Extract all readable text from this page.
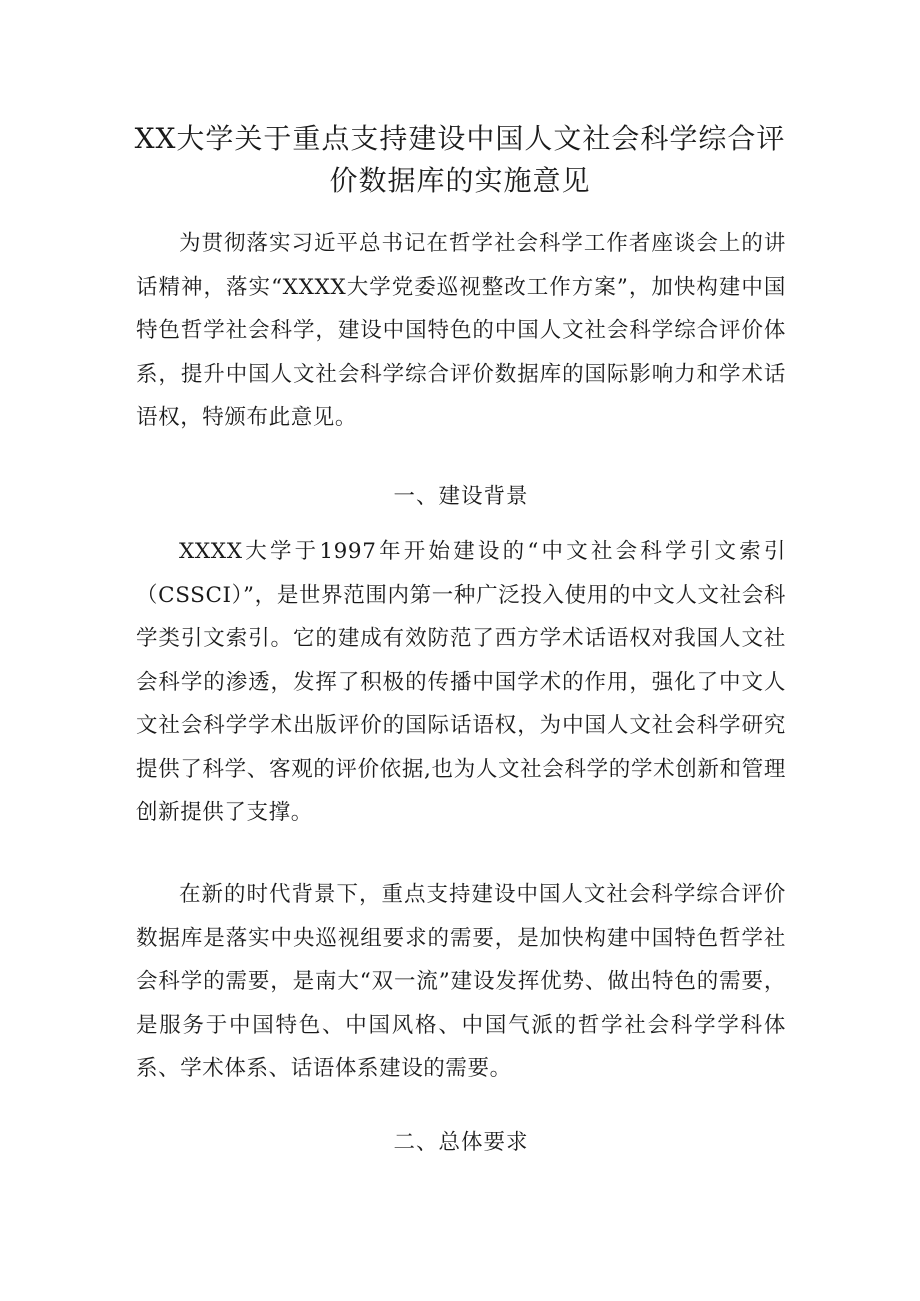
XX大学关于重点支持建设中国人文社会科学综合评
价数据库的实施意见

为贯彻落实习近平总书记在哲学社会科学工作者座谈会上的讲话精神，落实“XXXX大学党委巡视整改工作方案”，加快构建中国特色哲学社会科学，建设中国特色的中国人文社会科学综合评价体系，提升中国人文社会科学综合评价数据库的国际影响力和学术话语权，特颁布此意见。

一、建设背景

XXXX大学于1997年开始建设的“中文社会科学引文索引（CSSCI）”，是世界范围内第一种广泛投入使用的中文人文社会科学类引文索引。它的建成有效防范了西方学术话语权对我国人文社会科学的渗透，发挥了积极的传播中国学术的作用，强化了中文人文社会科学学术出版评价的国际话语权，为中国人文社会科学研究提供了科学、客观的评价依据,也为人文社会科学的学术创新和管理创新提供了支撑。

在新的时代背景下，重点支持建设中国人文社会科学综合评价数据库是落实中央巡视组要求的需要，是加快构建中国特色哲学社会科学的需要，是南大“双一流”建设发挥优势、做出特色的需要，是服务于中国特色、中国风格、中国气派的哲学社会科学学科体系、学术体系、话语体系建设的需要。

二、总体要求
